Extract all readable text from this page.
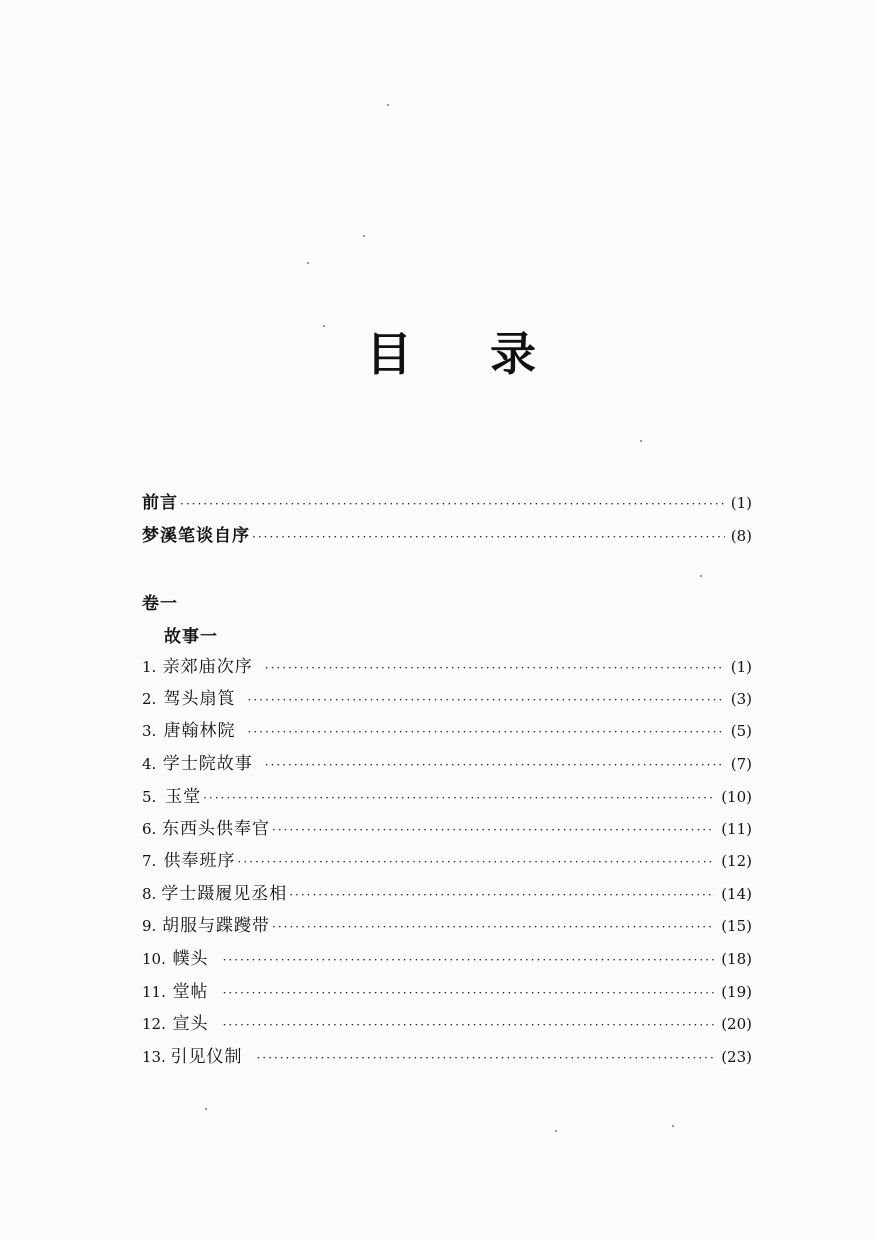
目 录
前言 ·····	(1)
梦溪笔谈自序 ·····	(8)
卷一
故事一
1. 亲郊庙次序 ·····	(1)
2. 驾头扇筤 ·····	(3)
3. 唐翰林院 ·····	(5)
4. 学士院故事 ·····	(7)
5. 玉堂 ·····	(10)
6. 东西头供奉官 ·····	(11)
7. 供奉班序 ·····	(12)
8. 学士蹑履见丞相 ·····	(14)
9. 胡服与蹀躞带 ·····	(15)
10. 幞头 ·····	(18)
11. 堂帖 ·····	(19)
12. 宣头 ·····	(20)
13. 引见仪制 ·····	(23)
